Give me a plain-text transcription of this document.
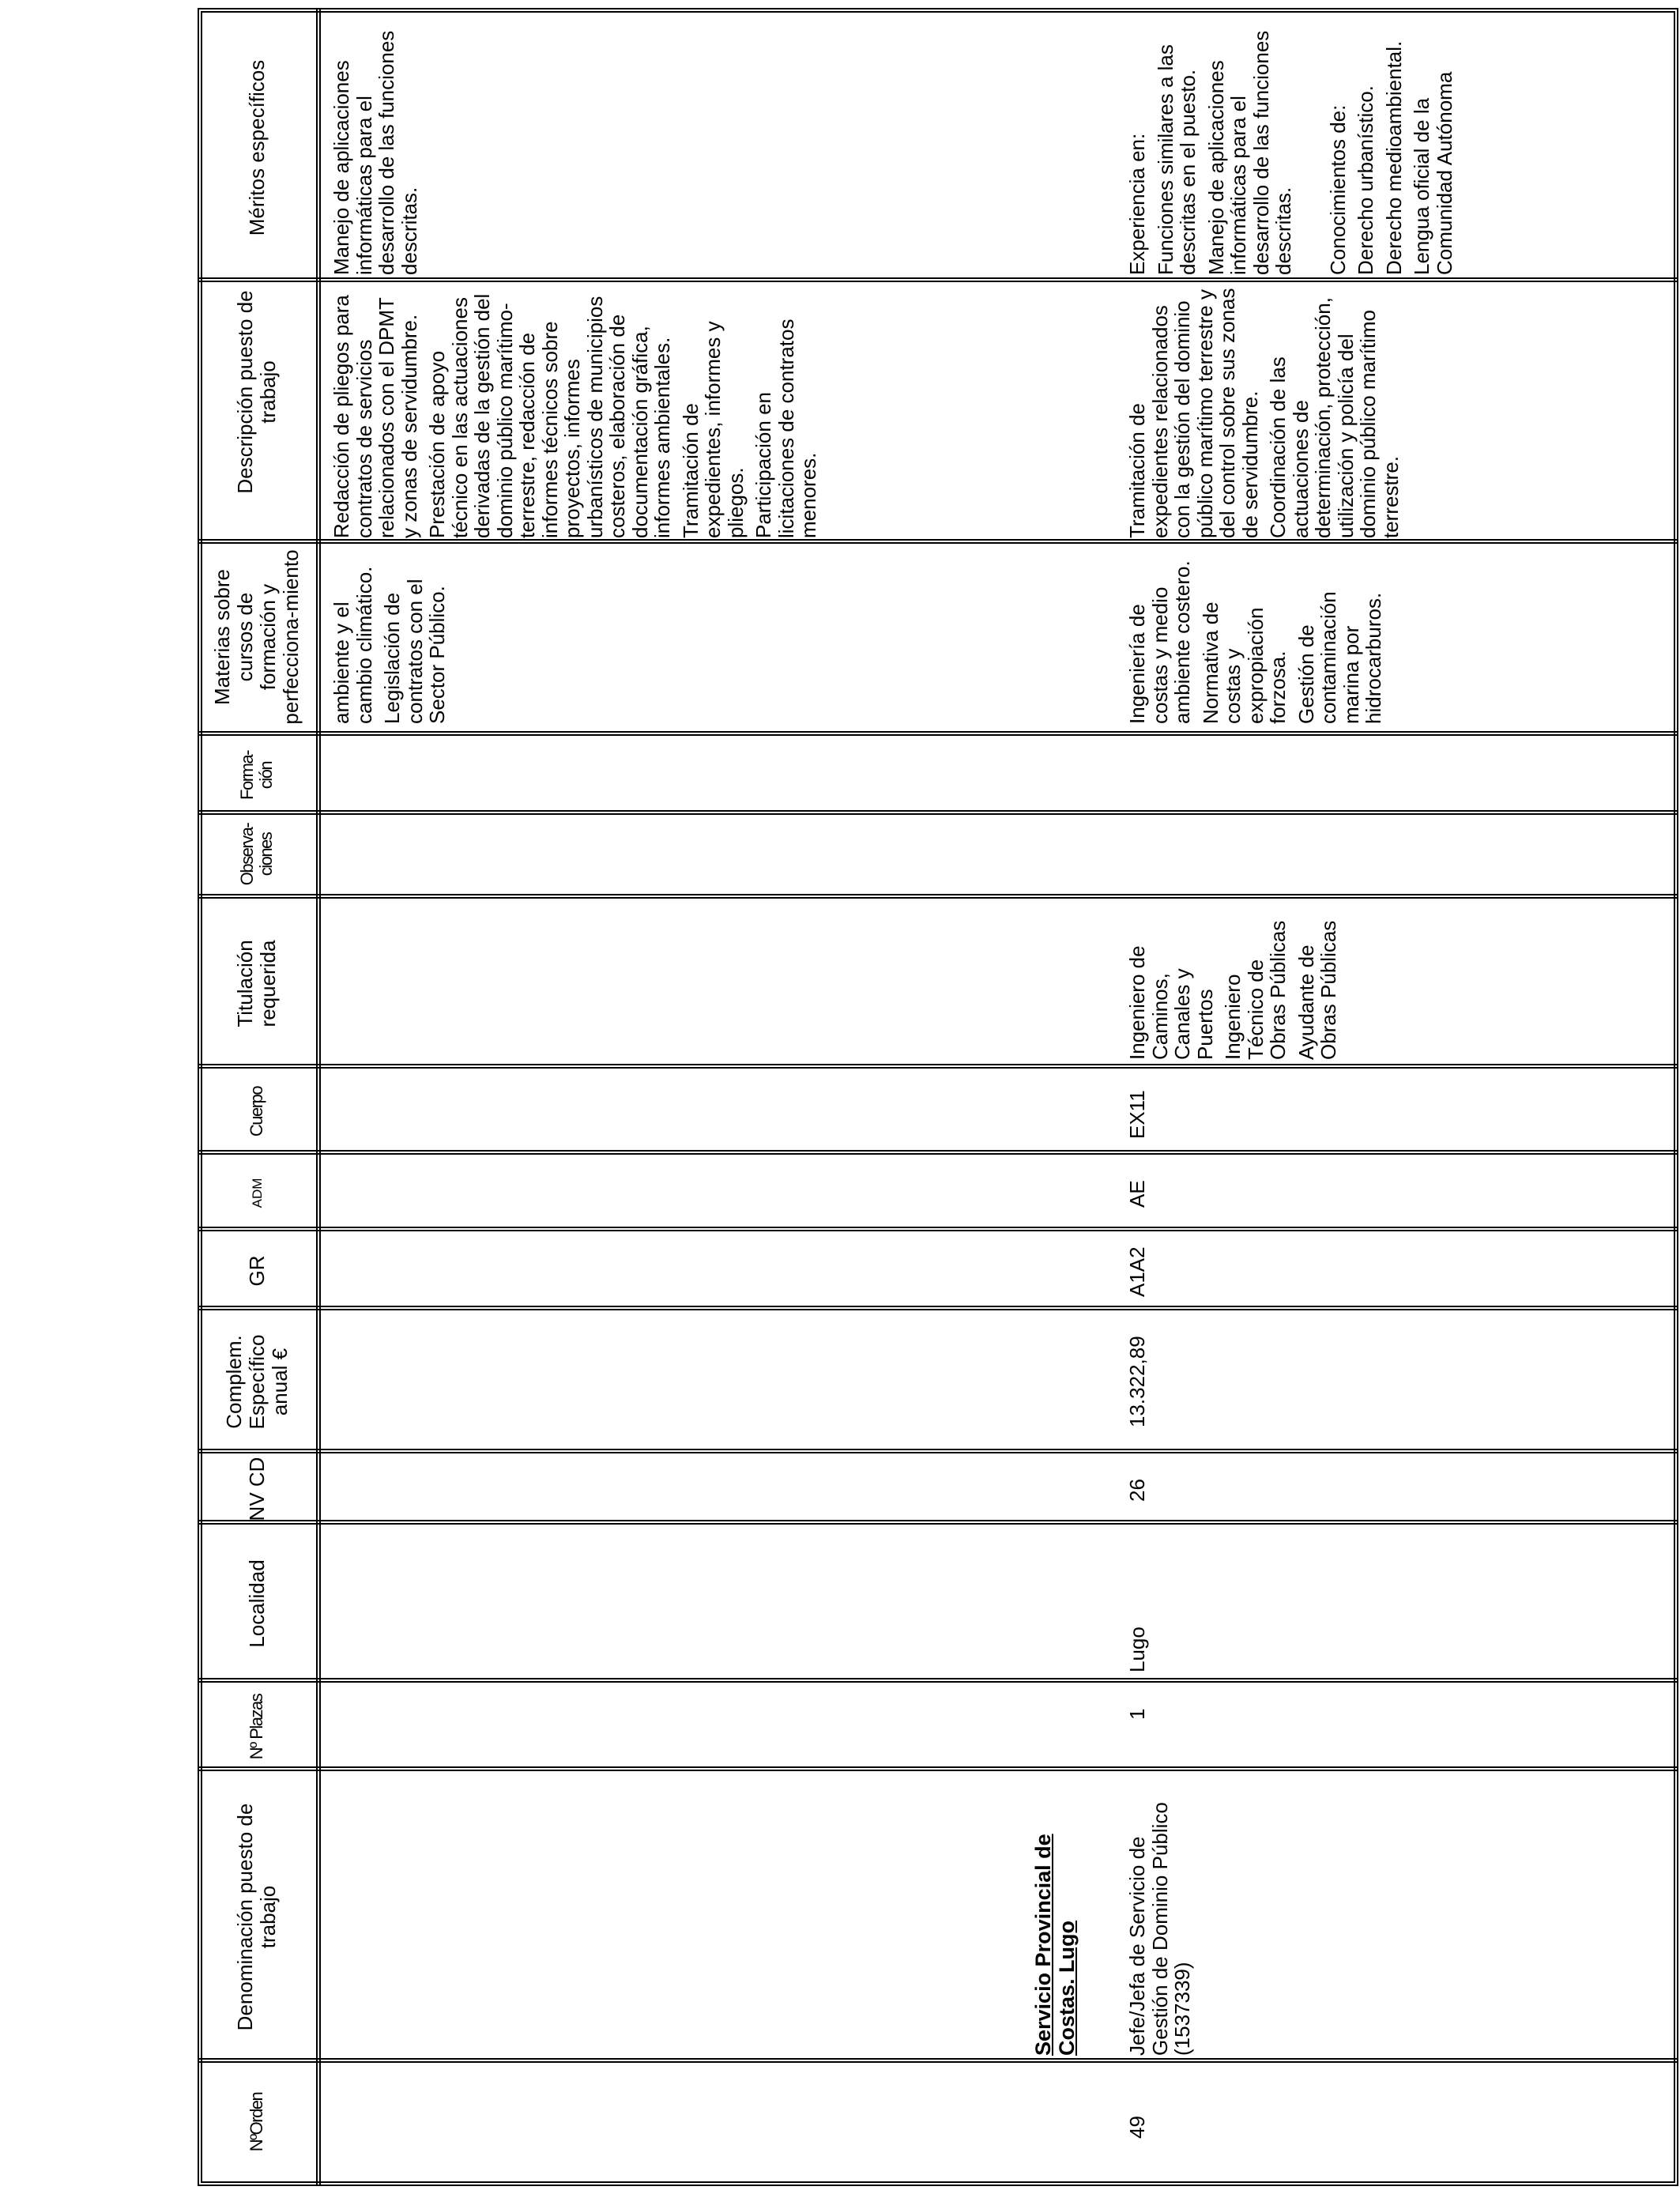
NºOrden
Denominación puesto de trabajo
Nº Plazas
Localidad
NV CD
Complem. Específico anual €
GR
ADM
Cuerpo
Titulación requerida
Observa-ciones
Forma-ción
Materias sobre cursos de formación y perfecciona-miento
Descripción puesto de trabajo
Méritos específicos

ambiente y el cambio climático. Legislación de contratos con el Sector Público.

Redacción de pliegos para contratos de servicios relacionados con el DPMT y zonas de servidumbre. Prestación de apoyo técnico en las actuaciones derivadas de la gestión del dominio público marítimo-terrestre, redacción de informes técnicos sobre proyectos, informes urbanísticos de municipios costeros, elaboración de documentación gráfica, informes ambientales. Tramitación de expedientes, informes y pliegos. Participación en licitaciones de contratos menores.

Manejo de aplicaciones informáticas para el desarrollo de las funciones descritas.

Servicio Provincial de Costas. Lugo
49
Jefe/Jefa de Servicio de Gestión de Dominio Público (1537339)
1
Lugo
26
13.322,89
A1A2
AE
EX11

Ingeniero de Caminos, Canales y Puertos Ingeniero Técnico de Obras Públicas Ayudante de Obras Públicas

Ingeniería de costas y medio ambiente costero. Normativa de costas y expropiación forzosa. Gestión de contaminación marina por hidrocarburos.

Tramitación de expedientes relacionados con la gestión del dominio público marítimo terrestre y del control sobre sus zonas de servidumbre. Coordinación de las actuaciones de determinación, protección, utilización y policía del dominio público marítimo terrestre.

Experiencia en: Funciones similares a las descritas en el puesto. Manejo de aplicaciones informáticas para el desarrollo de las funciones descritas. Conocimientos de: Derecho urbanístico. Derecho medioambiental. Lengua oficial de la Comunidad Autónoma
